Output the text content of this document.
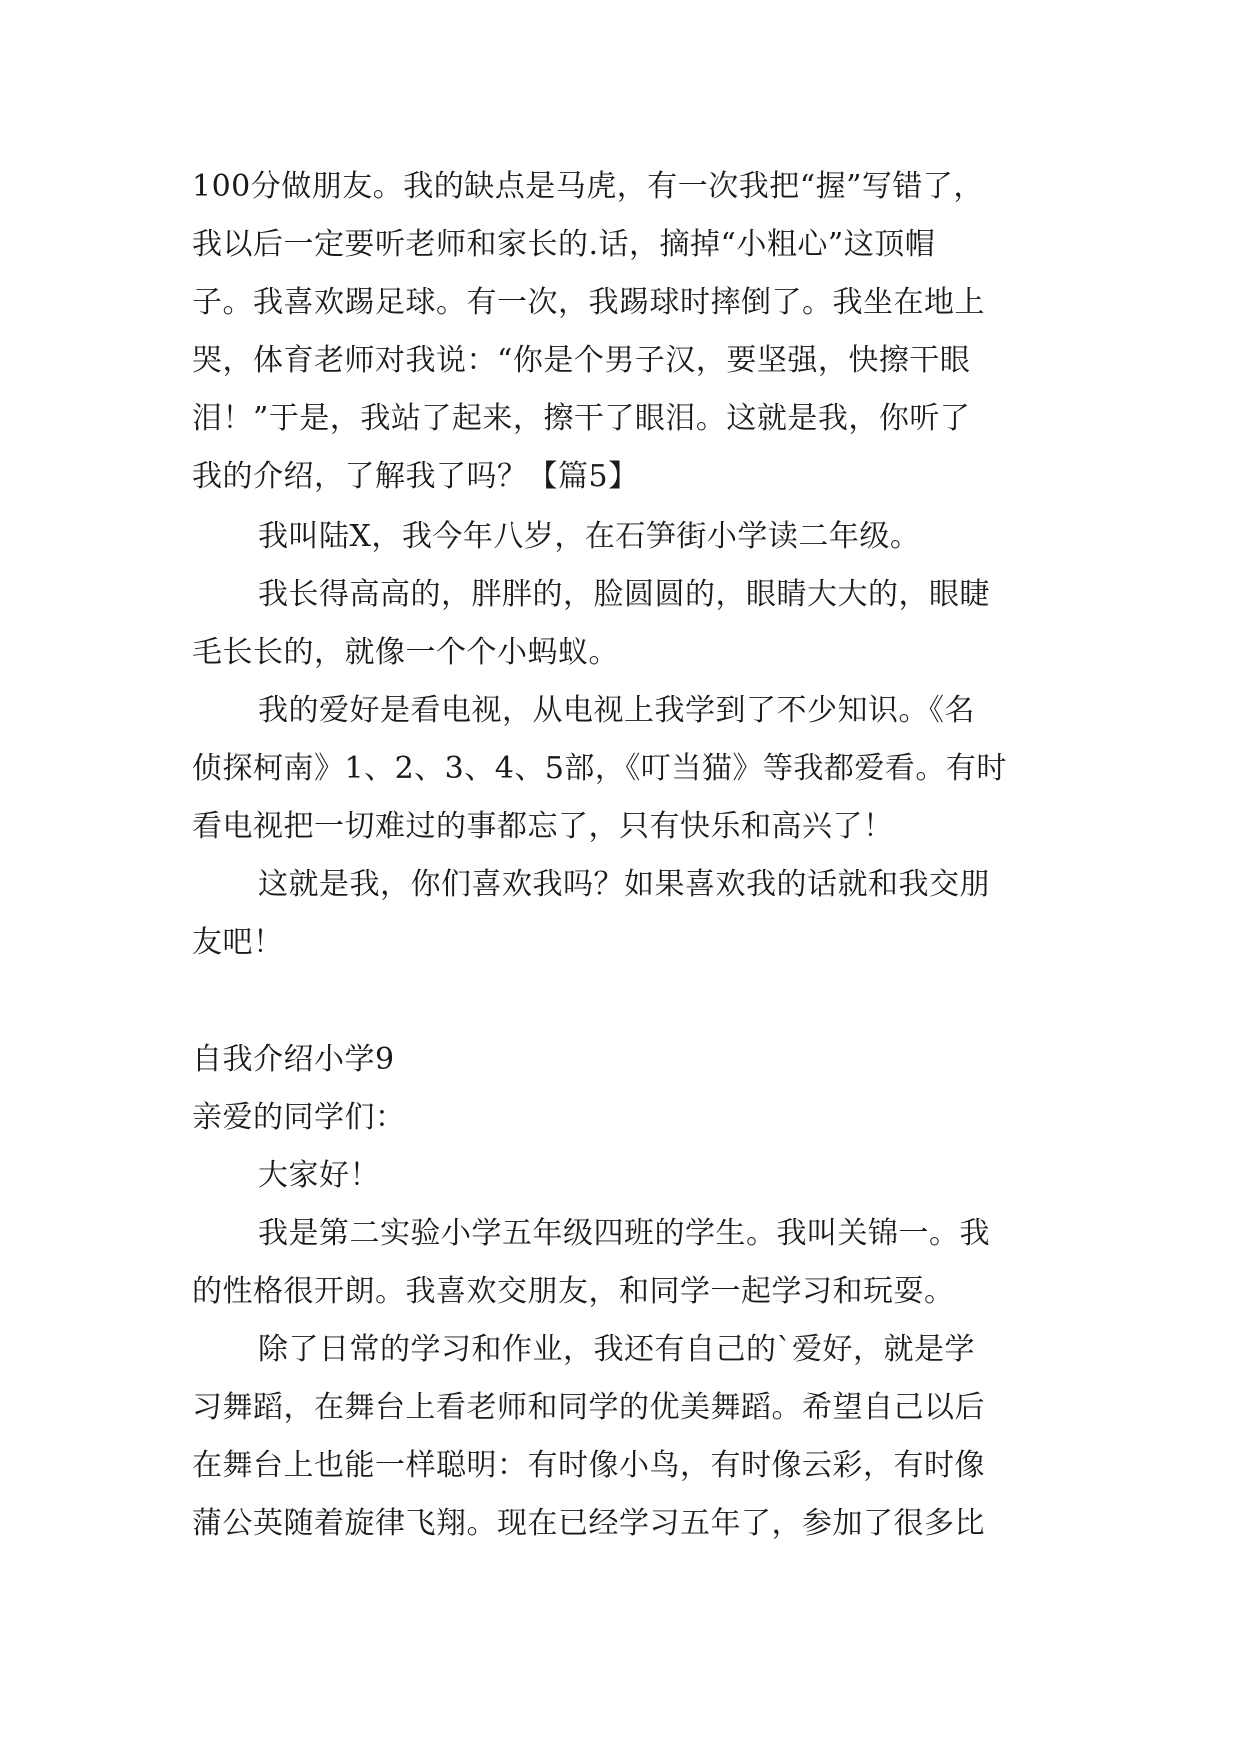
100分做朋友。我的缺点是马虎，有一次我把“握”写错了，

我以后一定要听老师和家长的.话，摘掉“小粗心”这顶帽

子。我喜欢踢足球。有一次，我踢球时摔倒了。我坐在地上

哭，体育老师对我说：“你是个男子汉，要坚强，快擦干眼

泪！”于是，我站了起来，擦干了眼泪。这就是我，你听了

我的介绍，了解我了吗？【篇5】

我叫陆X，我今年八岁，在石笋街小学读二年级。

我长得高高的，胖胖的，脸圆圆的，眼睛大大的，眼睫

毛长长的，就像一个个小蚂蚁。

我的爱好是看电视，从电视上我学到了不少知识。《名

侦探柯南》1、2、3、4、5部，《叮当猫》等我都爱看。有时

看电视把一切难过的事都忘了，只有快乐和高兴了！

这就是我，你们喜欢我吗？如果喜欢我的话就和我交朋

友吧！

自我介绍小学9

亲爱的同学们：

大家好！

我是第二实验小学五年级四班的学生。我叫关锦一。我

的性格很开朗。我喜欢交朋友，和同学一起学习和玩耍。

除了日常的学习和作业，我还有自己的`爱好，就是学

习舞蹈，在舞台上看老师和同学的优美舞蹈。希望自己以后

在舞台上也能一样聪明：有时像小鸟，有时像云彩，有时像

蒲公英随着旋律飞翔。现在已经学习五年了，参加了很多比
